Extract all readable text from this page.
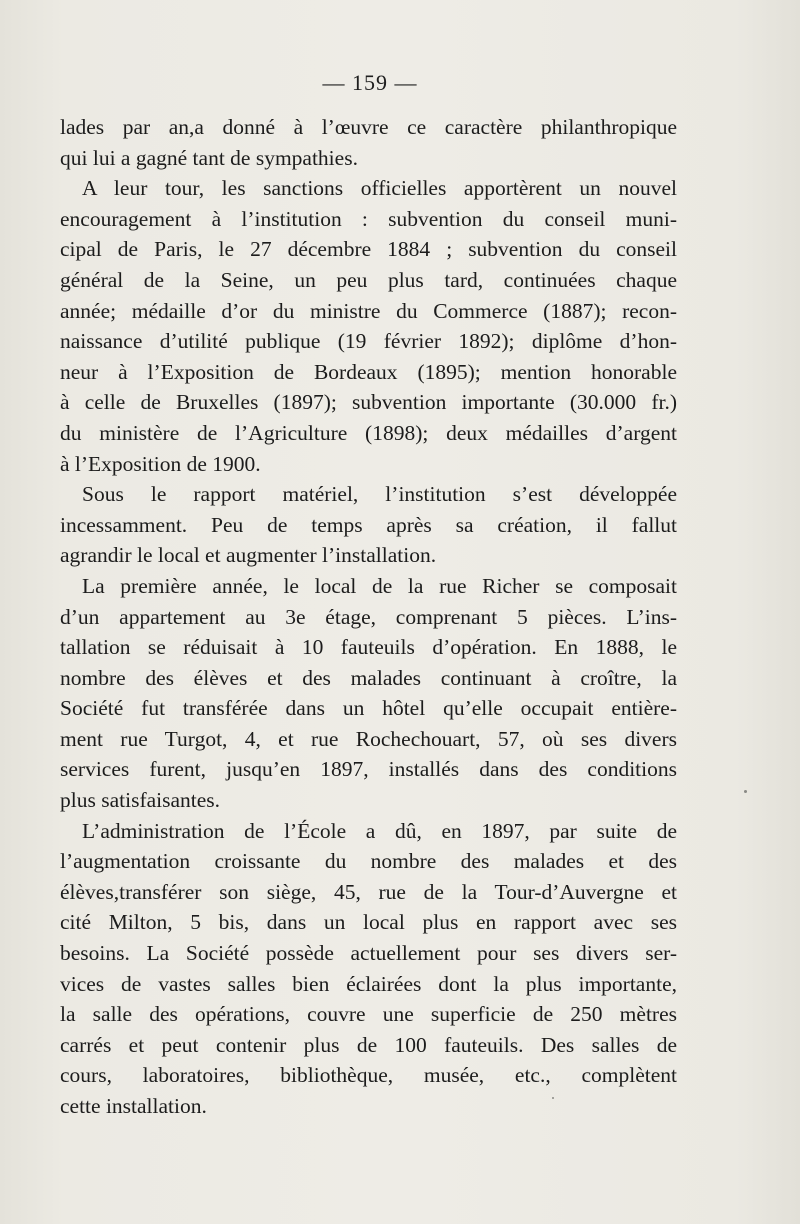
— 159 —
lades par an,a donné à l’œuvre ce caractère philanthropique
qui lui a gagné tant de sympathies.
A leur tour, les sanctions officielles apportèrent un nouvel
encouragement à l’institution : subvention du conseil muni-
cipal de Paris, le 27 décembre 1884 ; subvention du conseil
général de la Seine, un peu plus tard, continuées chaque
année; médaille d’or du ministre du Commerce (1887); recon-
naissance d’utilité publique (19 février 1892); diplôme d’hon-
neur à l’Exposition de Bordeaux (1895); mention honorable
à celle de Bruxelles (1897); subvention importante (30.000 fr.)
du ministère de l’Agriculture (1898); deux médailles d’argent
à l’Exposition de 1900.
Sous le rapport matériel, l’institution s’est développée
incessamment. Peu de temps après sa création, il fallut
agrandir le local et augmenter l’installation.
La première année, le local de la rue Richer se composait
d’un appartement au 3e étage, comprenant 5 pièces. L’ins-
tallation se réduisait à 10 fauteuils d’opération. En 1888, le
nombre des élèves et des malades continuant à croître, la
Société fut transférée dans un hôtel qu’elle occupait entière-
ment rue Turgot, 4, et rue Rochechouart, 57, où ses divers
services furent, jusqu’en 1897, installés dans des conditions
plus satisfaisantes.
L’administration de l’École a dû, en 1897, par suite de
l’augmentation croissante du nombre des malades et des
élèves,transférer son siège, 45, rue de la Tour-d’Auvergne et
cité Milton, 5 bis, dans un local plus en rapport avec ses
besoins. La Société possède actuellement pour ses divers ser-
vices de vastes salles bien éclairées dont la plus importante,
la salle des opérations, couvre une superficie de 250 mètres
carrés et peut contenir plus de 100 fauteuils. Des salles de
cours, laboratoires, bibliothèque, musée, etc., complètent
cette installation.
